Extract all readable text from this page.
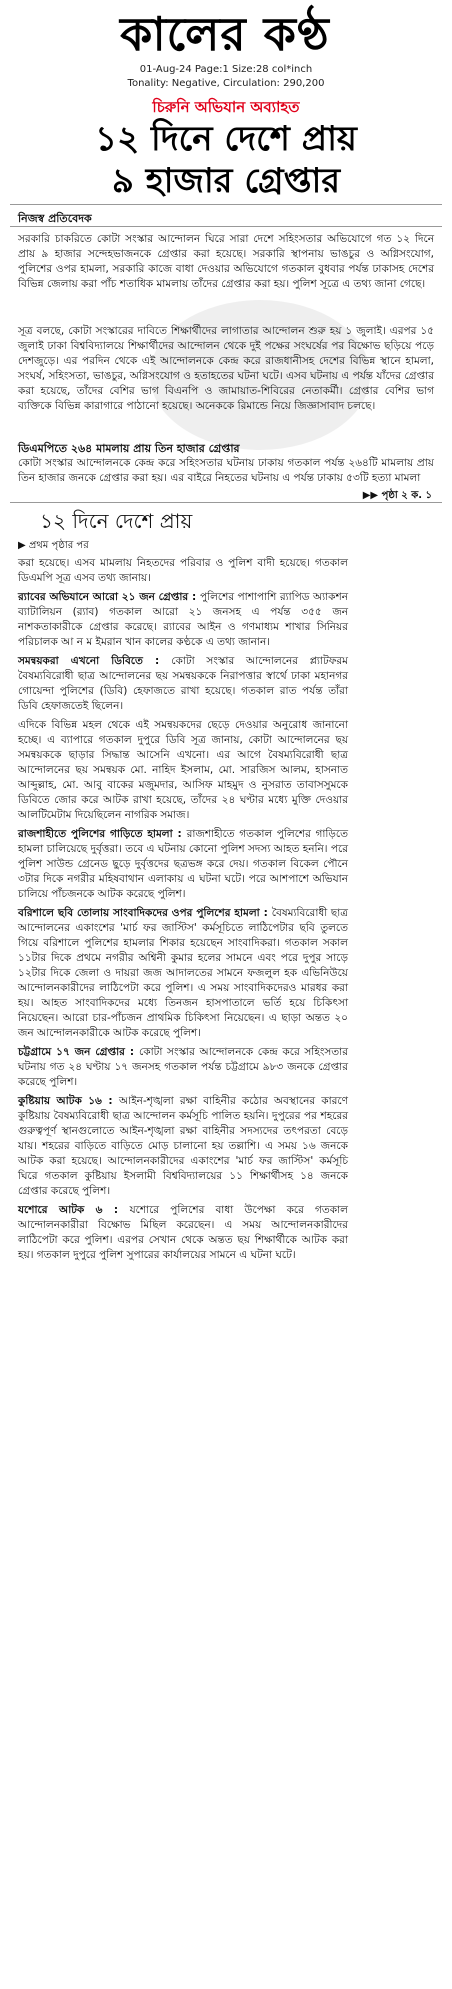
কালের কণ্ঠ
01-Aug-24 Page:1 Size:28 col*inch
Tonality: Negative, Circulation: 290,200
চিরুনি অভিযান অব্যাহত
১২ দিনে দেশে প্রায়
৯ হাজার গ্রেপ্তার
নিজস্ব প্রতিবেদক
সরকারি চাকরিতে কোটা সংস্কার আন্দোলন ঘিরে সারা দেশে সহিংসতার অভিযোগে গত ১২ দিনে প্রায় ৯ হাজার সন্দেহভাজনকে গ্রেপ্তার করা হয়েছে। সরকারি স্থাপনায় ভাঙচুর ও অগ্নিসংযোগ, পুলিশের ওপর হামলা, সরকারি কাজে বাধা দেওয়ার অভিযোগে গতকাল বুধবার পর্যন্ত ঢাকাসহ দেশের বিভিন্ন জেলায় করা পাঁচ শতাধিক মামলায় তাঁদের গ্রেপ্তার করা হয়। পুলিশ সূত্রে এ তথ্য জানা গেছে।
সূত্র বলছে, কোটা সংস্কারের দাবিতে শিক্ষার্থীদের লাগাতার আন্দোলন শুরু হয় ১ জুলাই। এরপর ১৫ জুলাই ঢাকা বিশ্ববিদ্যালয়ে শিক্ষার্থীদের আন্দোলন থেকে দুই পক্ষের সংঘর্ষের পর বিক্ষোভ ছড়িয়ে পড়ে দেশজুড়ে। এর পরদিন থেকে এই আন্দোলনকে কেন্দ্র করে রাজধানীসহ দেশের বিভিন্ন স্থানে হামলা, সংঘর্ষ, সহিংসতা, ভাঙচুর, অগ্নিসংযোগ ও হতাহতের ঘটনা ঘটে। এসব ঘটনায় এ পর্যন্ত যাঁদের গ্রেপ্তার করা হয়েছে, তাঁদের বেশির ভাগ বিএনপি ও জামায়াত-শিবিরের নেতাকর্মী। গ্রেপ্তার বেশির ভাগ ব্যক্তিকে বিভিন্ন কারাগারে পাঠানো হয়েছে। অনেককে রিমান্ডে নিয়ে জিজ্ঞাসাবাদ চলছে।
ডিএমপিতে ২৬৪ মামলায় প্রায় তিন হাজার গ্রেপ্তার
কোটা সংস্কার আন্দোলনকে কেন্দ্র করে সহিংসতার ঘটনায় ঢাকায় গতকাল পর্যন্ত ২৬৪টি মামলায় প্রায় তিন হাজার জনকে গ্রেপ্তার করা হয়। এর বাইরে নিহতের ঘটনায় এ পর্যন্ত ঢাকায় ৫৩টি হত্যা মামলা
▶▶ পৃষ্ঠা ২ ক. ১
১২ দিনে দেশে প্রায়
▶ প্রথম পৃষ্ঠার পর
করা হয়েছে। এসব মামলায় নিহতদের পরিবার ও পুলিশ বাদী হয়েছে। গতকাল ডিএমপি সূত্র এসব তথ্য জানায়।
র‍্যাবের অভিযানে আরো ২১ জন গ্রেপ্তার : পুলিশের পাশাপাশি র‍্যাপিড অ্যাকশন ব্যাটালিয়ন (র‍্যাব) গতকাল আরো ২১ জনসহ এ পর্যন্ত ৩৫৫ জন নাশকতাকারীকে গ্রেপ্তার করেছে। র‍্যাবের আইন ও গণমাধ্যম শাখার সিনিয়র পরিচালক আ ন ম ইমরান খান কালের কণ্ঠকে এ তথ্য জানান।
সমন্বয়করা এখনো ডিবিতে : কোটা সংস্কার আন্দোলনের প্ল্যাটফরম বৈষম্যবিরোধী ছাত্র আন্দোলনের ছয় সমন্বয়ককে নিরাপত্তার স্বার্থে ঢাকা মহানগর গোয়েন্দা পুলিশের (ডিবি) হেফাজতে রাখা হয়েছে। গতকাল রাত পর্যন্ত তাঁরা ডিবি হেফাজতেই ছিলেন।
এদিকে বিভিন্ন মহল থেকে এই সমন্বয়কদের ছেড়ে দেওয়ার অনুরোধ জানানো হচ্ছে। এ ব্যাপারে গতকাল দুপুরে ডিবি সূত্র জানায়, কোটা আন্দোলনের ছয় সমন্বয়ককে ছাড়ার সিদ্ধান্ত আসেনি এখনো। এর আগে বৈষম্যবিরোধী ছাত্র আন্দোলনের ছয় সমন্বয়ক মো. নাহিদ ইসলাম, মো. সারজিস আলম, হাসনাত আব্দুল্লাহ, মো. আবু বাকের মজুমদার, আসিফ মাহমুদ ও নুসরাত তাবাসসুমকে ডিবিতে জোর করে আটক রাখা হয়েছে, তাঁদের ২৪ ঘণ্টার মধ্যে মুক্তি দেওয়ার আলটিমেটাম দিয়েছিলেন নাগরিক সমাজ।
রাজশাহীতে পুলিশের গাড়িতে হামলা : রাজশাহীতে গতকাল পুলিশের গাড়িতে হামলা চালিয়েছে দুর্বৃত্তরা। তবে এ ঘটনায় কোনো পুলিশ সদস্য আহত হননি। পরে পুলিশ সাউন্ড গ্রেনেড ছুড়ে দুর্বৃত্তদের ছত্রভঙ্গ করে দেয়। গতকাল বিকেল পৌনে ৩টার দিকে নগরীর মহিষবাথান এলাকায় এ ঘটনা ঘটে। পরে আশপাশে অভিযান চালিয়ে পাঁচজনকে আটক করেছে পুলিশ।
বরিশালে ছবি তোলায় সাংবাদিকদের ওপর পুলিশের হামলা : বৈষম্যবিরোধী ছাত্র আন্দোলনের একাংশের 'মার্চ ফর জাস্টিস' কর্মসূচিতে লাঠিপেটার ছবি তুলতে গিয়ে বরিশালে পুলিশের হামলার শিকার হয়েছেন সাংবাদিকরা। গতকাল সকাল ১১টার দিকে প্রথমে নগরীর অশ্বিনী কুমার হলের সামনে এবং পরে দুপুর সাড়ে ১২টার দিকে জেলা ও দায়রা জজ আদালতের সামনে ফজলুল হক এভিনিউয়ে আন্দোলনকারীদের লাঠিপেটা করে পুলিশ। এ সময় সাংবাদিকদেরও মারধর করা হয়। আহত সাংবাদিকদের মধ্যে তিনজন হাসপাতালে ভর্তি হয়ে চিকিৎসা নিয়েছেন। আরো চার-পাঁচজন প্রাথমিক চিকিৎসা নিয়েছেন। এ ছাড়া অন্তত ২০ জন আন্দোলনকারীকে আটক করেছে পুলিশ।
চট্টগ্রামে ১৭ জন গ্রেপ্তার : কোটা সংস্কার আন্দোলনকে কেন্দ্র করে সহিংসতার ঘটনায় গত ২৪ ঘণ্টায় ১৭ জনসহ গতকাল পর্যন্ত চট্টগ্রামে ৯৮৩ জনকে গ্রেপ্তার করেছে পুলিশ।
কুষ্টিয়ায় আটক ১৬ : আইন-শৃঙ্খলা রক্ষা বাহিনীর কঠোর অবস্থানের কারণে কুষ্টিয়ায় বৈষম্যবিরোধী ছাত্র আন্দোলন কর্মসূচি পালিত হয়নি। দুপুরের পর শহরের গুরুত্বপূর্ণ স্থানগুলোতে আইন-শৃঙ্খলা রক্ষা বাহিনীর সদস্যদের তৎপরতা বেড়ে যায়। শহরের বাড়িতে বাড়িতে মোড় চালানো হয় তল্লাশি। এ সময় ১৬ জনকে আটক করা হয়েছে। আন্দোলনকারীদের একাংশের 'মার্চ ফর জাস্টিস' কর্মসূচি ঘিরে গতকাল কুষ্টিয়ায় ইসলামী বিশ্ববিদ্যালয়ের ১১ শিক্ষার্থীসহ ১৪ জনকে গ্রেপ্তার করেছে পুলিশ।
যশোরে আটক ৬ : যশোরে পুলিশের বাধা উপেক্ষা করে গতকাল আন্দোলনকারীরা বিক্ষোভ মিছিল করেছেন। এ সময় আন্দোলনকারীদের লাঠিপেটা করে পুলিশ। এরপর সেখান থেকে অন্তত ছয় শিক্ষার্থীকে আটক করা হয়। গতকাল দুপুরে পুলিশ সুপারের কার্যালয়ের সামনে এ ঘটনা ঘটে।
